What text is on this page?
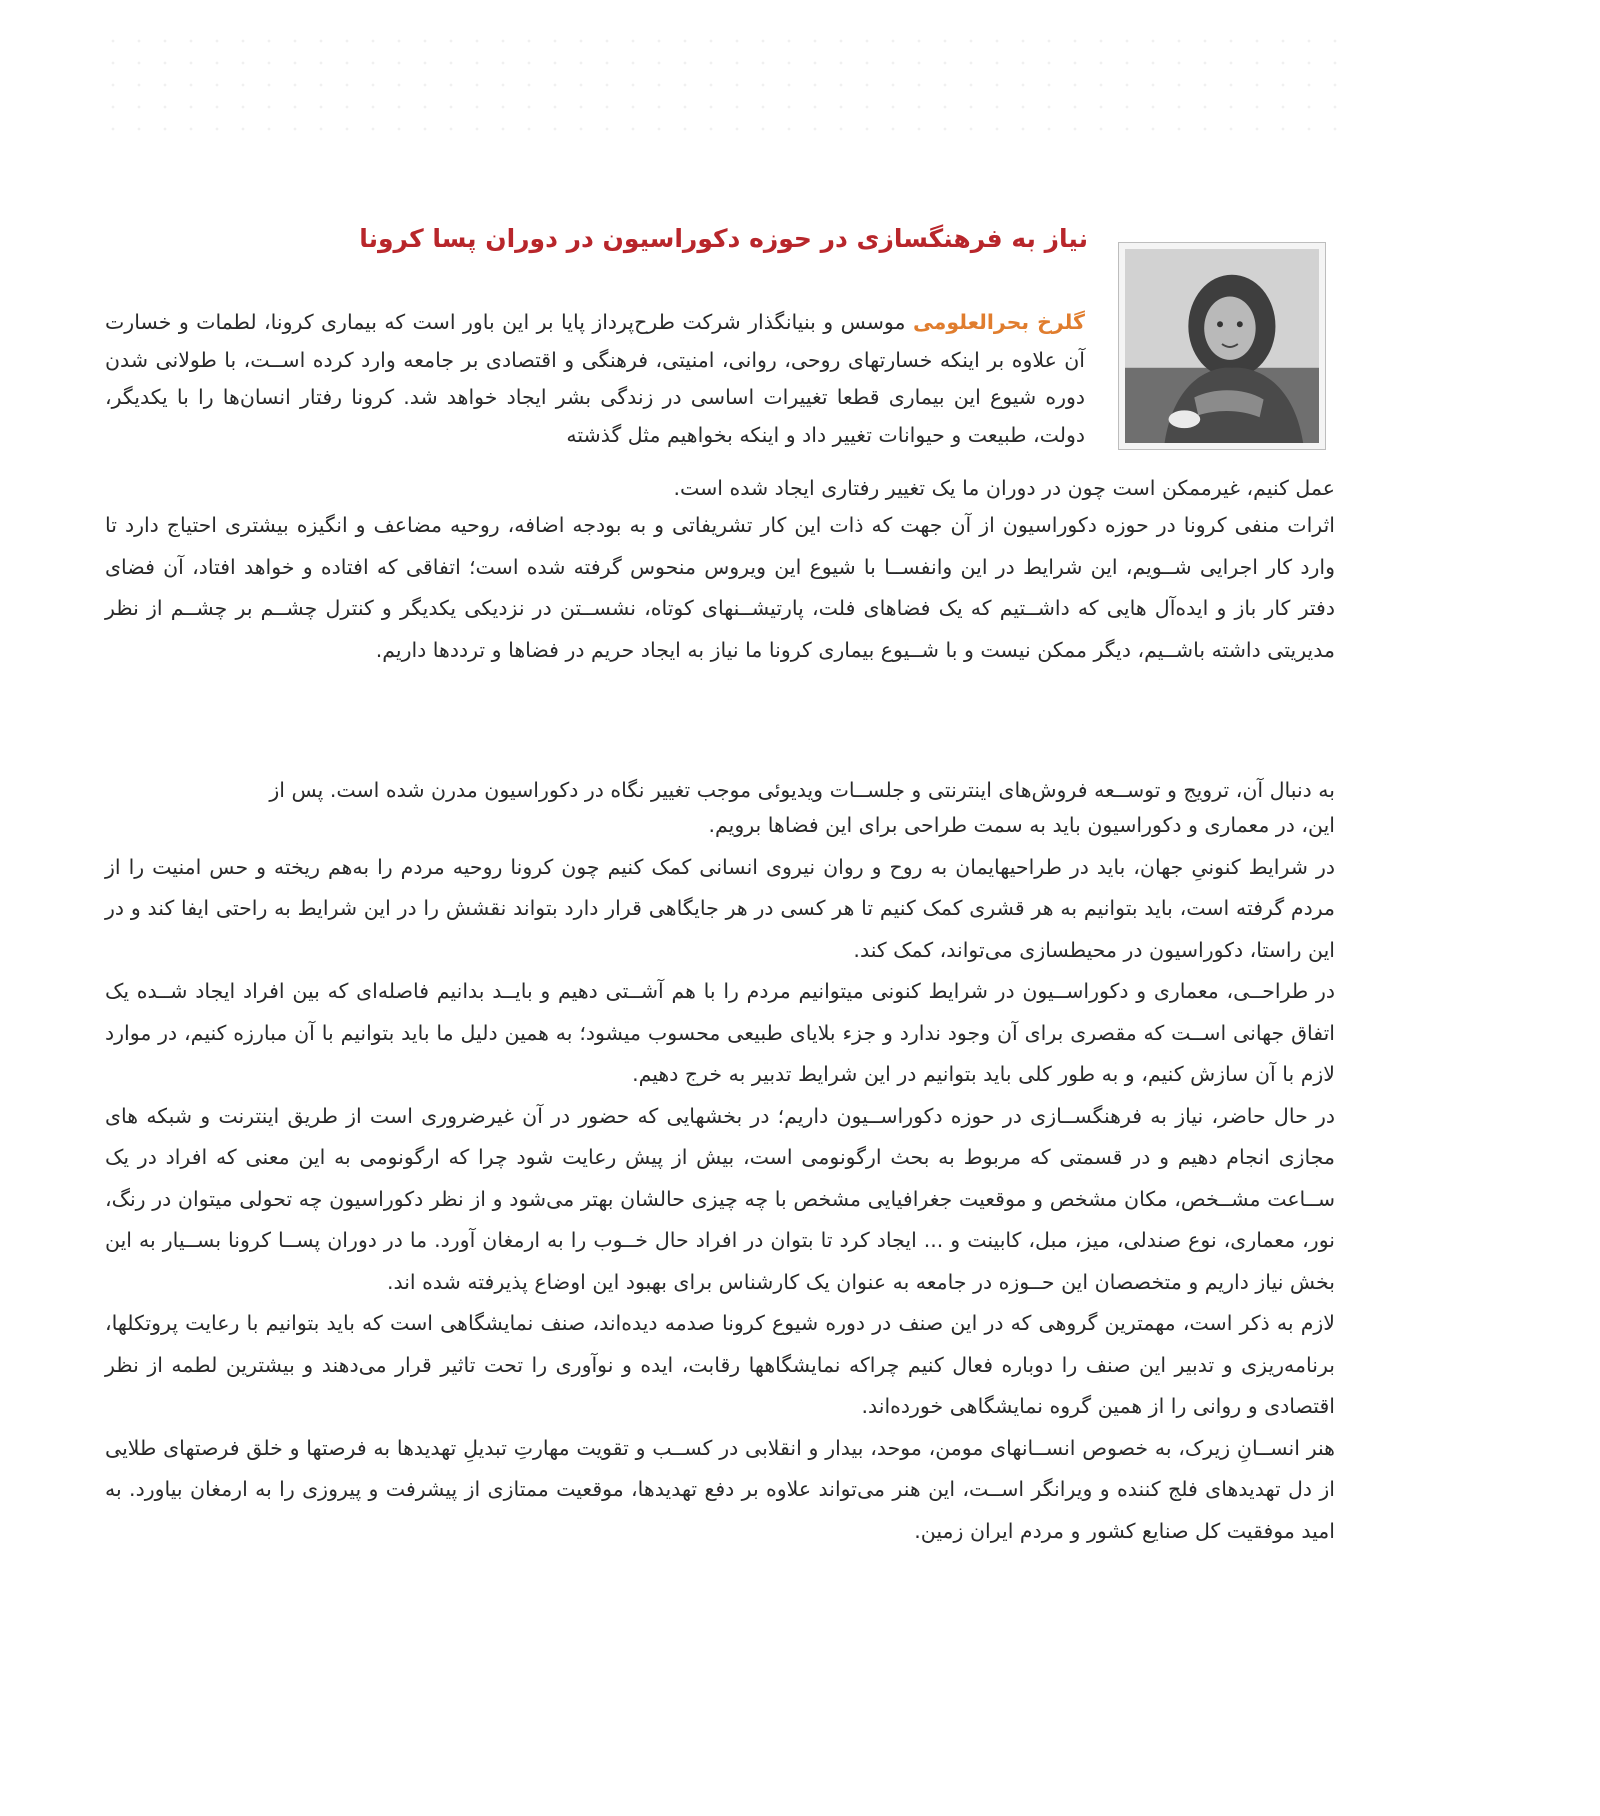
نیاز به فرهنگسازی در حوزه دکوراسیون در دوران پسا کرونا

گلرخ بحرالعلومی موسس و بنیانگذار شرکت طرح‌پرداز پایا بر این باور است که بیماری کرونا، لطمات و خسارت آن علاوه بر اینکه خسارتهای روحی، روانی، امنیتی، فرهنگی و اقتصادی بر جامعه وارد کرده اســت، با طولانی شدن دوره شیوع این بیماری قطعا تغییرات اساسی در زندگی بشر ایجاد خواهد شد. کرونا رفتار انسان‌ها را با یکدیگر، دولت، طبیعت و حیوانات تغییر داد و اینکه بخواهیم مثل گذشته

عمل کنیم، غیرممکن است چون در دوران ما یک تغییر رفتاری ایجاد شده است.

اثرات منفی کرونا در حوزه دکوراسیون از آن جهت که ذات این کار تشریفاتی و به بودجه اضافه، روحیه مضاعف و انگیزه بیشتری احتیاج دارد تا وارد کار اجرایی شــویم، این شرایط در این وانفســا با شیوع این ویروس منحوس گرفته شده است؛ اتفاقی که افتاده و خواهد افتاد، آن فضای دفتر کار باز و ایده‌آل هایی که داشــتیم که یک فضاهای فلت، پارتیشــنهای کوتاه، نشســتن در نزدیکی یکدیگر و کنترل چشــم بر چشــم از نظر مدیریتی داشته باشــیم، دیگر ممکن نیست و با شــیوع بیماری کرونا ما نیاز به ایجاد حریم در فضاها و ترددها داریم.

به دنبال آن، ترویج و توســعه فروش‌های اینترنتی و جلســات ویدیوئی موجب تغییر نگاه در دکوراسیون مدرن شده است. پس از

این، در معماری و دکوراسیون باید به سمت طراحی برای این فضاها برویم.

در شرایط کنونیِ جهان، باید در طراحیهایمان به روح و روان نیروی انسانی کمک کنیم چون کرونا روحیه مردم را به‌هم ریخته و حس امنیت را از مردم گرفته است، باید بتوانیم به هر قشری کمک کنیم تا هر کسی در هر جایگاهی قرار دارد بتواند نقشش را در این شرایط به راحتی ایفا کند و در این راستا، دکوراسیون در محیطسازی می‌تواند، کمک کند.

در طراحــی، معماری و دکوراســیون در شرایط کنونی میتوانیم مردم را با هم آشــتی دهیم و بایــد بدانیم فاصله‌ای که بین افراد ایجاد شــده یک اتفاق جهانی اســت که مقصری برای آن وجود ندارد و جزء بلایای طبیعی محسوب میشود؛ به همین دلیل ما باید بتوانیم با آن مبارزه کنیم، در موارد لازم با آن سازش کنیم، و به طور کلی باید بتوانیم در این شرایط تدبیر به خرج دهیم.

در حال حاضر، نیاز به فرهنگســازی در حوزه دکوراســیون داریم؛ در بخشهایی که حضور در آن غیرضروری است از طریق اینترنت و شبکه های مجازی انجام دهیم و در قسمتی که مربوط به بحث ارگونومی است، بیش از پیش رعایت شود چرا که ارگونومی به این معنی که افراد در یک ســاعت مشــخص، مکان مشخص و موقعیت جغرافیایی مشخص با چه چیزی حالشان بهتر می‌شود و از نظر دکوراسیون چه تحولی میتوان در رنگ، نور، معماری، نوع صندلی، میز، مبل، کابینت و ... ایجاد کرد تا بتوان در افراد حال خــوب را به ارمغان آورد. ما در دوران پســا کرونا بســیار به این بخش نیاز داریم و متخصصان این حــوزه در جامعه به عنوان یک کارشناس برای بهبود این اوضاع پذیرفته شده اند.

لازم به ذکر است، مهمترین گروهی که در این صنف در دوره شیوع کرونا صدمه دیده‌اند، صنف نمایشگاهی است که باید بتوانیم با رعایت پروتکلها، برنامه‌ریزی و تدبیر این صنف را دوباره فعال کنیم چراکه نمایشگاهها رقابت، ایده و نوآوری را تحت تاثیر قرار می‌دهند و بیشترین لطمه از نظر اقتصادی و روانی را از همین گروه نمایشگاهی خورده‌اند.

هنر انســانِ زیرک، به خصوص انســانهای مومن، موحد، بیدار و انقلابی در کســب و تقویت مهارتِ تبدیلِ تهدیدها به فرصتها و خلق فرصتهای طلایی از دل تهدیدهای فلج کننده و ویرانگر اســت، این هنر می‌تواند علاوه بر دفع تهدیدها، موقعیت ممتازی از پیشرفت و پیروزی را به ارمغان بیاورد. به امید موفقیت کل صنایع کشور و مردم ایران زمین.
